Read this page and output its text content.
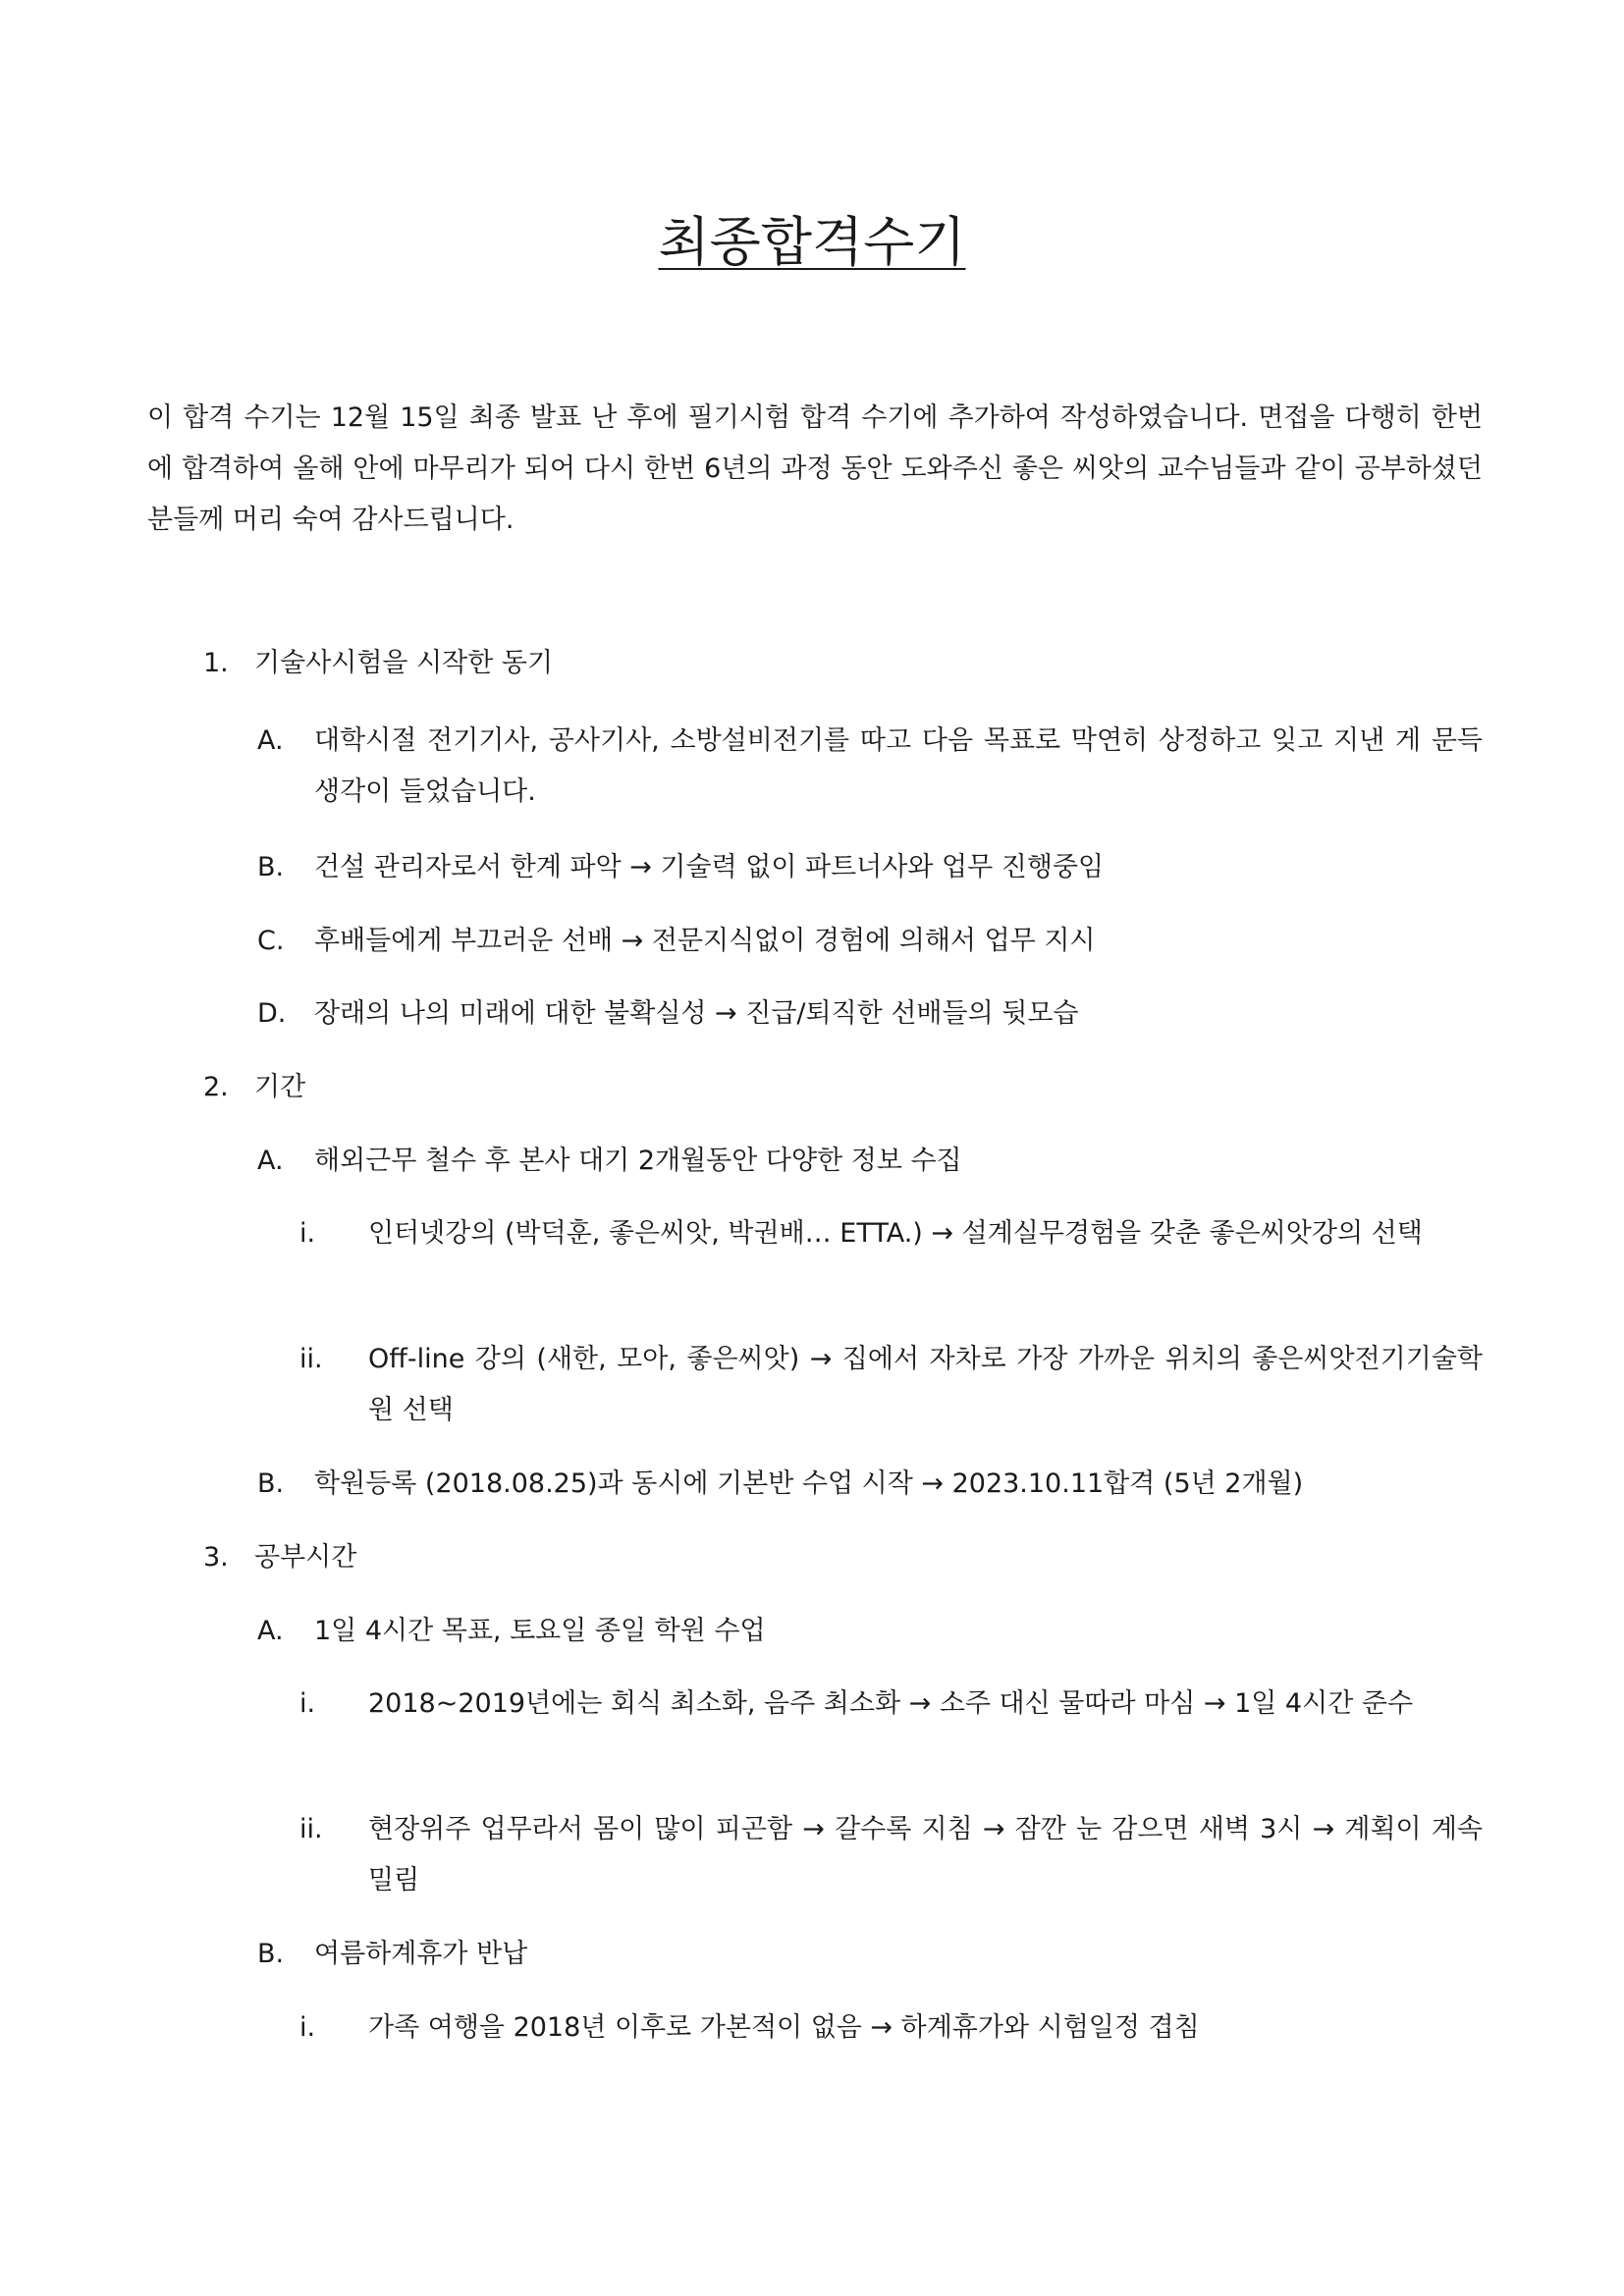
최종합격수기
이 합격 수기는 12월 15일 최종 발표 난 후에 필기시험 합격 수기에 추가하여 작성하였습니다. 면접을 다행히 한번에 합격하여 올해 안에 마무리가 되어 다시 한번 6년의 과정 동안 도와주신 좋은 씨앗의 교수님들과 같이 공부하셨던 분들께 머리 숙여 감사드립니다.
1. 기술사시험을 시작한 동기
A. 대학시절 전기기사, 공사기사, 소방설비전기를 따고 다음 목표로 막연히 상정하고 잊고 지낸 게 문득 생각이 들었습니다.
B. 건설 관리자로서 한계 파악 → 기술력 없이 파트너사와 업무 진행중임
C. 후배들에게 부끄러운 선배 → 전문지식없이 경험에 의해서 업무 지시
D. 장래의 나의 미래에 대한 불확실성 → 진급/퇴직한 선배들의 뒷모습
2. 기간
A. 해외근무 철수 후 본사 대기 2개월동안 다양한 정보 수집
i. 인터넷강의 (박덕훈, 좋은씨앗, 박권배… ETTA.) → 설계실무경험을 갖춘 좋은씨앗강의 선택
ii. Off-line 강의 (새한, 모아, 좋은씨앗) → 집에서 자차로 가장 가까운 위치의 좋은씨앗전기기술학원 선택
B. 학원등록 (2018.08.25)과 동시에 기본반 수업 시작 → 2023.10.11합격 (5년 2개월)
3. 공부시간
A. 1일 4시간 목표, 토요일 종일 학원 수업
i. 2018~2019년에는 회식 최소화, 음주 최소화 → 소주 대신 물따라 마심 → 1일 4시간 준수
ii. 현장위주 업무라서 몸이 많이 피곤함 → 갈수록 지침 → 잠깐 눈 감으면 새벽 3시 → 계획이 계속 밀림
B. 여름하계휴가 반납
i. 가족 여행을 2018년 이후로 가본적이 없음 → 하계휴가와 시험일정 겹침
